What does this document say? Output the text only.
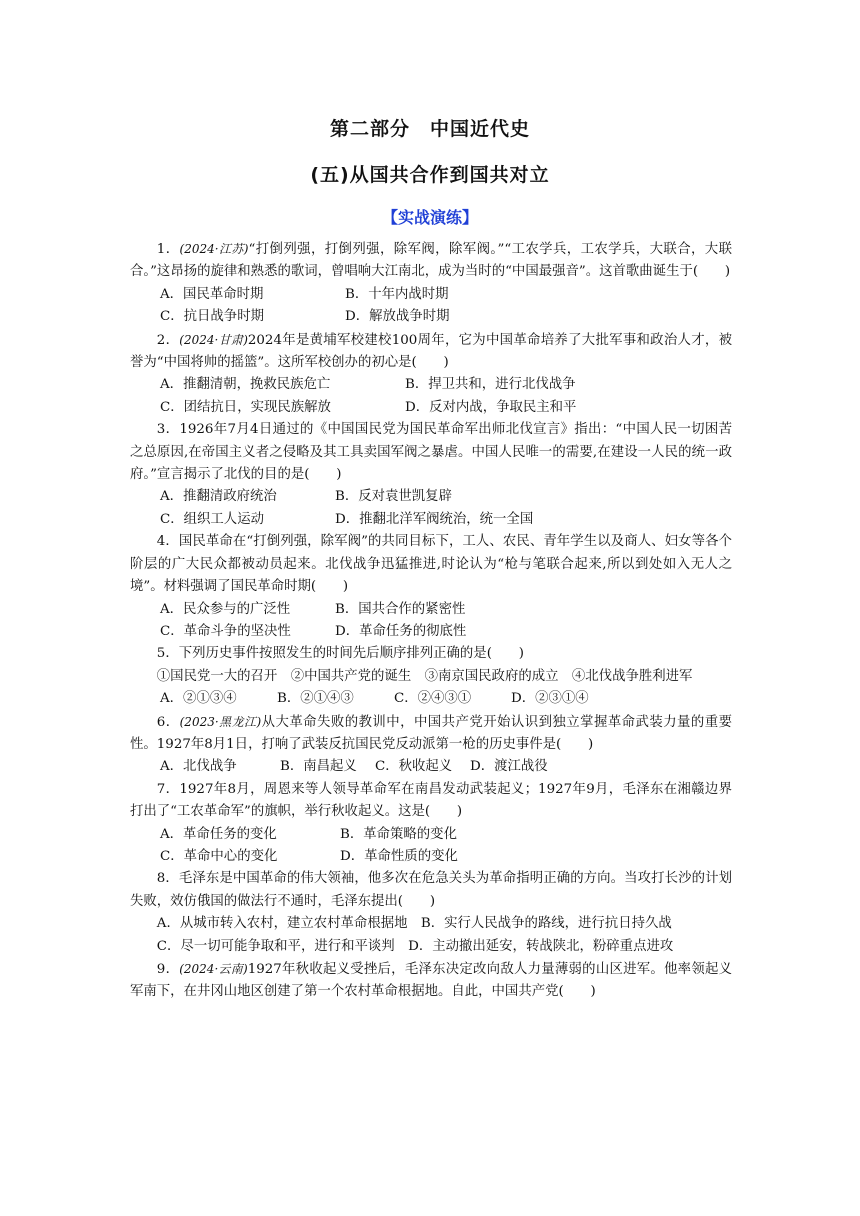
第二部分　中国近代史
(五)从国共合作到国共对立
【实战演练】

1．(2024·江苏)“打倒列强，打倒列强，除军阀，除军阀。”“工农学兵，工农学兵，大联合，大联合。”这昂扬的旋律和熟悉的歌词，曾唱响大江南北，成为当时的“中国最强音”。这首歌曲诞生于(　　)

A．国民革命时期	B．十年内战时期

C．抗日战争时期	D．解放战争时期

2．(2024·甘肃)2024年是黄埔军校建校100周年，它为中国革命培养了大批军事和政治人才，被誉为“中国将帅的摇篮”。这所军校创办的初心是(　　)

A．推翻清朝，挽救民族危亡	B．捍卫共和，进行北伐战争

C．团结抗日，实现民族解放	D．反对内战，争取民主和平

3．1926年7月4日通过的《中国国民党为国民革命军出师北伐宣言》指出：“中国人民一切困苦之总原因,在帝国主义者之侵略及其工具卖国军阀之暴虐。中国人民唯一的需要,在建设一人民的统一政府。”宣言揭示了北伐的目的是(　　)

A．推翻清政府统治	B．反对袁世凯复辟

C．组织工人运动	D．推翻北洋军阀统治，统一全国

4．国民革命在“打倒列强，除军阀”的共同目标下，工人、农民、青年学生以及商人、妇女等各个阶层的广大民众都被动员起来。北伐战争迅猛推进,时论认为“枪与笔联合起来,所以到处如入无人之境”。材料强调了国民革命时期(　　)

A．民众参与的广泛性	B．国共合作的紧密性

C．革命斗争的坚决性	D．革命任务的彻底性

5．下列历史事件按照发生的时间先后顺序排列正确的是(　　)

①国民党一大的召开　②中国共产党的诞生　③南京国民政府的成立　④北伐战争胜利进军

A．②①③④	B．②①④③	C．②④③①	D．②③①④

6．(2023·黑龙江)从大革命失败的教训中，中国共产党开始认识到独立掌握革命武装力量的重要性。1927年8月1日，打响了武装反抗国民党反动派第一枪的历史事件是(　　)

A．北伐战争	B．南昌起义 C．秋收起义 D．渡江战役

7．1927年8月，周恩来等人领导革命军在南昌发动武装起义；1927年9月，毛泽东在湘赣边界打出了“工农革命军”的旗帜，举行秋收起义。这是(　　)

A．革命任务的变化	B．革命策略的变化

C．革命中心的变化	D．革命性质的变化

8．毛泽东是中国革命的伟大领袖，他多次在危急关头为革命指明正确的方向。当攻打长沙的计划失败，效仿俄国的做法行不通时，毛泽东提出(　　)

A．从城市转入农村，建立农村革命根据地　 B．实行人民战争的路线，进行抗日持久战

C．尽一切可能争取和平，进行和平谈判　 D．主动撤出延安，转战陕北，粉碎重点进攻

9．(2024·云南)1927年秋收起义受挫后，毛泽东决定改向敌人力量薄弱的山区进军。他率领起义军南下，在井冈山地区创建了第一个农村革命根据地。自此，中国共产党(　　)
